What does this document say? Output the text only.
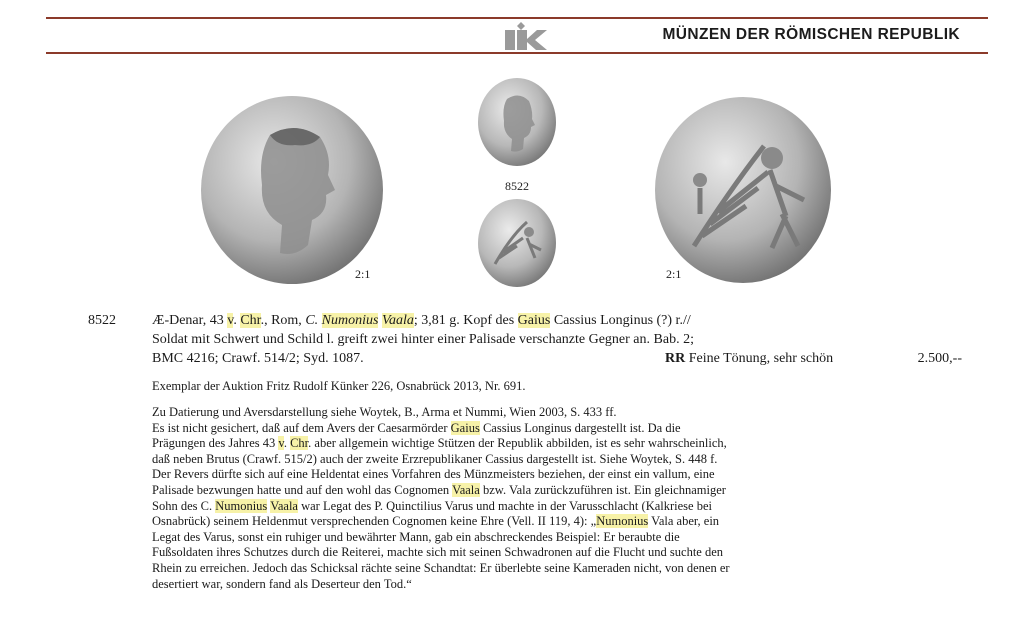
MÜNZEN DER RÖMISCHEN REPUBLIK
2:1
8522
2:1
8522	Æ-Denar, 43 v. Chr., Rom, C. Numonius Vaala; 3,81 g. Kopf des Gaius Cassius Longinus (?) r.//
Soldat mit Schwert und Schild l. greift zwei hinter einer Palisade verschanzte Gegner an. Bab. 2;
BMC 4216; Crawf. 514/2; Syd. 1087.	RR Feine Tönung, sehr schön	2.500,--
Exemplar der Auktion Fritz Rudolf Künker 226, Osnabrück 2013, Nr. 691.

Zu Datierung und Aversdarstellung siehe Woytek, B., Arma et Nummi, Wien 2003, S. 433 ff.

Es ist nicht gesichert, daß auf dem Avers der Caesarmörder Gaius Cassius Longinus dargestellt ist. Da die

Prägungen des Jahres 43 v. Chr. aber allgemein wichtige Stützen der Republik abbilden, ist es sehr wahrscheinlich,

daß neben Brutus (Crawf. 515/2) auch der zweite Erzrepublikaner Cassius dargestellt ist. Siehe Woytek, S. 448 f.

Der Revers dürfte sich auf eine Heldentat eines Vorfahren des Münzmeisters beziehen, der einst ein vallum, eine

Palisade bezwungen hatte und auf den wohl das Cognomen Vaala bzw. Vala zurückzuführen ist. Ein gleichnamiger

Sohn des C. Numonius Vaala war Legat des P. Quinctilius Varus und machte in der Varusschlacht (Kalkriese bei

Osnabrück) seinem Heldenmut versprechenden Cognomen keine Ehre (Vell. II 119, 4): „Numonius Vala aber, ein

Legat des Varus, sonst ein ruhiger und bewährter Mann, gab ein abschreckendes Beispiel: Er beraubte die

Fußsoldaten ihres Schutzes durch die Reiterei, machte sich mit seinen Schwadronen auf die Flucht und suchte den

Rhein zu erreichen. Jedoch das Schicksal rächte seine Schandtat: Er überlebte seine Kameraden nicht, von denen er

desertiert war, sondern fand als Deserteur den Tod.“
